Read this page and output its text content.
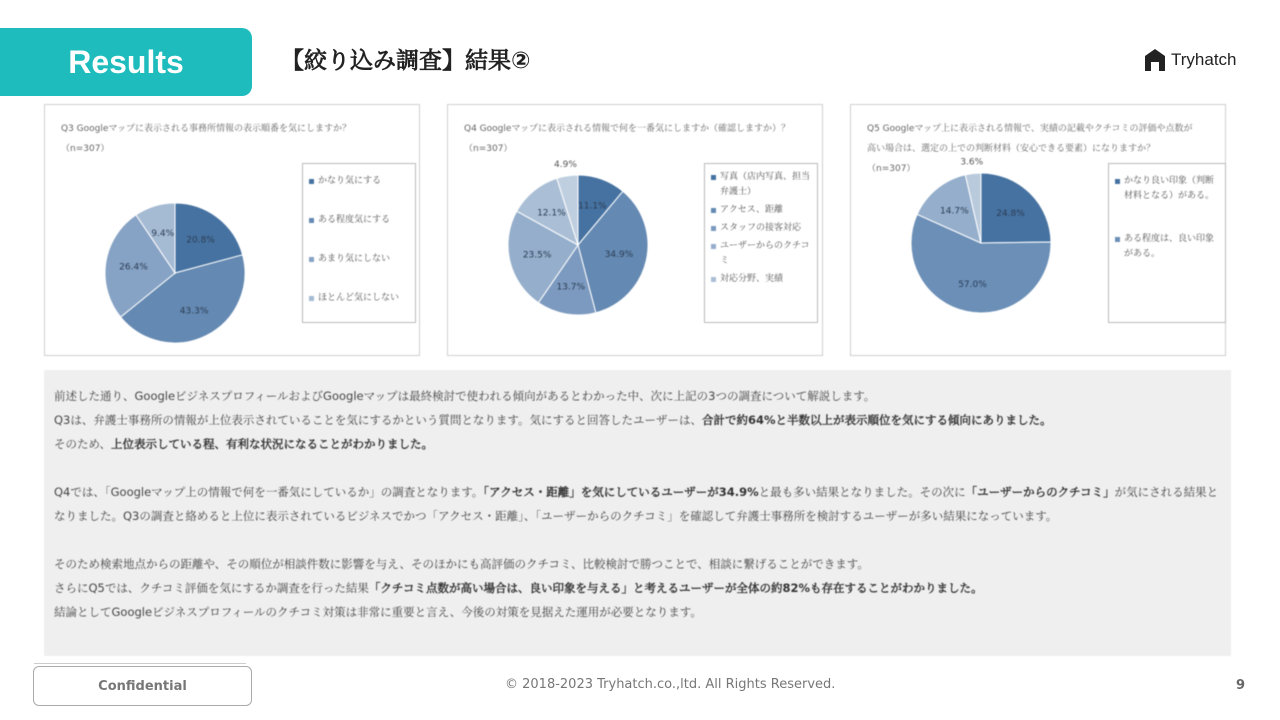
Results	【絞り込み調査】結果②	Tryhatch
Q3 Googleマップに表示される事務所情報の表示順番を気にしますか？（n=307）
20.8%
43.3%
26.4%
9.4%
かなり気にする
ある程度気にする
あまり気にしない
ほとんど気にしない
Q4 Googleマップに表示される情報で何を一番気にしますか（確認しますか）？（n=307）
11.1%
34.9%
13.7%
23.5%
12.1%
4.9%
写真（店内写真、担当弁護士）
アクセス、距離
スタッフの接客対応
ユーザーからのクチコミ
対応分野、実績
Q5 Googleマップ上に表示される情報で、実績の記載やクチコミの評価や点数が高い場合は、選定の上での判断材料（安心できる要素）になりますか？（n=307）
24.8%
57.0%
14.7%
3.6%
かなり良い印象（判断材料となる）がある。
ある程度は、良い印象がある。

前述した通り、GoogleビジネスプロフィールおよびGoogleマップは最終検討で使われる傾向があるとわかった中、次に上記の3つの調査について解説します。
Q3は、弁護士事務所の情報が上位表示されていることを気にするかという質問となります。気にすると回答したユーザーは、合計で約64%と半数以上が表示順位を気にする傾向にありました。
そのため、上位表示している程、有利な状況になることがわかりました。

Q4では、「Googleマップ上の情報で何を一番気にしているか」の調査となります。「アクセス・距離」を気にしているユーザーが34.9%と最も多い結果となりました。その次に「ユーザーからのクチコミ」が気にされる結果となりました。Q3の調査と絡めると上位に表示されているビジネスでかつ「アクセス・距離」、「ユーザーからのクチコミ」を確認して弁護士事務所を検討するユーザーが多い結果になっています。

そのため検索地点からの距離や、その順位が相談件数に影響を与え、そのほかにも高評価のクチコミ、比較検討で勝つことで、相談に繋げることができます。
さらにQ5では、クチコミ評価を気にするか調査を行った結果「クチコミ点数が高い場合は、良い印象を与える」と考えるユーザーが全体の約82%も存在することがわかりました。
結論としてGoogleビジネスプロフィールのクチコミ対策は非常に重要と言え、今後の対策を見据えた運用が必要となります。

Confidential	© 2018-2023 Tryhatch.co.,ltd. All Rights Reserved.	9
